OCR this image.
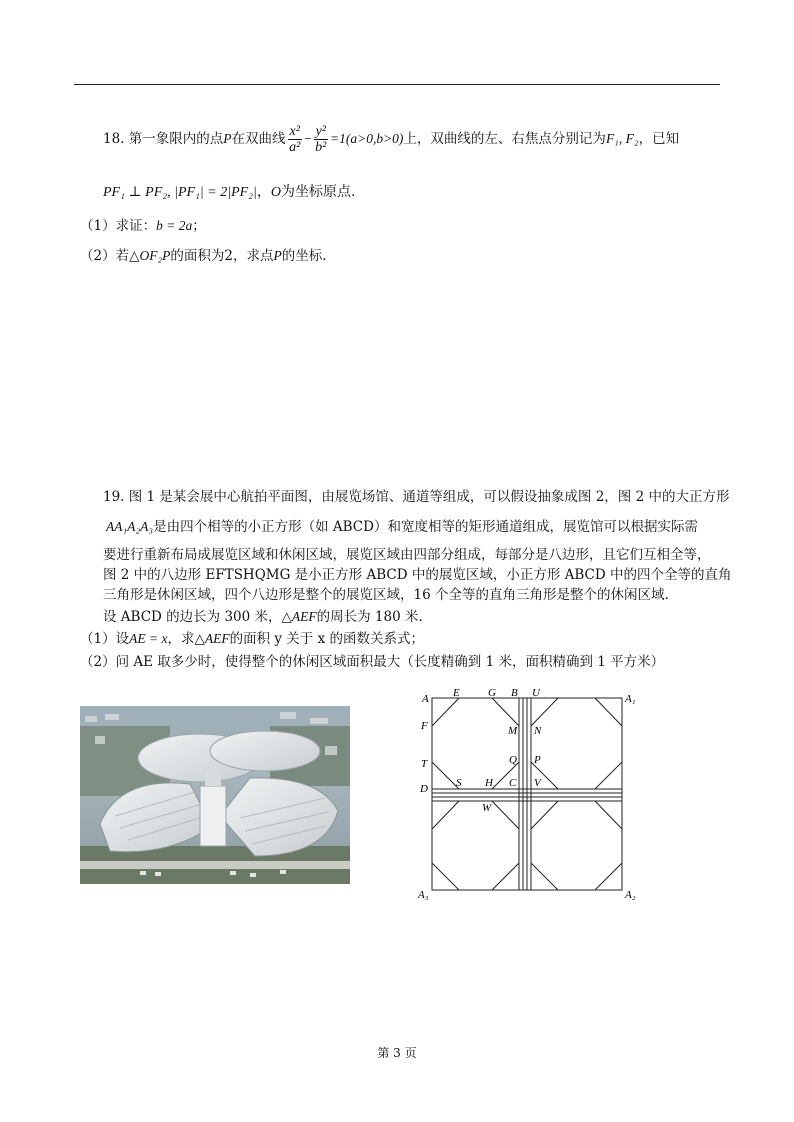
18. 第一象限内的点P在双曲线 $\frac{\text{x²}}{\text{a²}} - \frac{\text{y²}}{\text{b²}} =1(a>0,b>0)$上，双曲线的左、右焦点分别记为F₁, F₂，已知
PF₁ ⊥ PF₂, |PF₁| = 2|PF₂|，O为坐标原点.
（1）求证：b = 2a；
（2）若△OF₂P的面积为2，求点P的坐标.
19. 图 1 是某会展中心航拍平面图，由展览场馆、通道等组成，可以假设抽象成图 2，图 2 中的大正方形
AA₁A₂A₃是由四个相等的小正方形（如 ABCD）和宽度相等的矩形通道组成，展览馆可以根据实际需
要进行重新布局成展览区域和休闲区域，展览区域由四部分组成，每部分是八边形，且它们互相全等，
图 2 中的八边形 EFTSHQMG 是小正方形 ABCD 中的展览区域，小正方形 ABCD 中的四个全等的直角
三角形是休闲区域，四个八边形是整个的展览区域，16 个全等的直角三角形是整个的休闲区域.
设 ABCD 的边长为 300 米，△AEF的周长为 180 米.
（1）设AE = x，求△AEF的面积 y 关于 x 的函数关系式；
（2）问 AE 取多少时，使得整个的休闲区域面积最大（长度精确到 1 米，面积精确到 1 平方米）
A E	G B U	A₁
F	M N
T	Q P
D	S H C V
W
A₃	A₂
第 3 页
